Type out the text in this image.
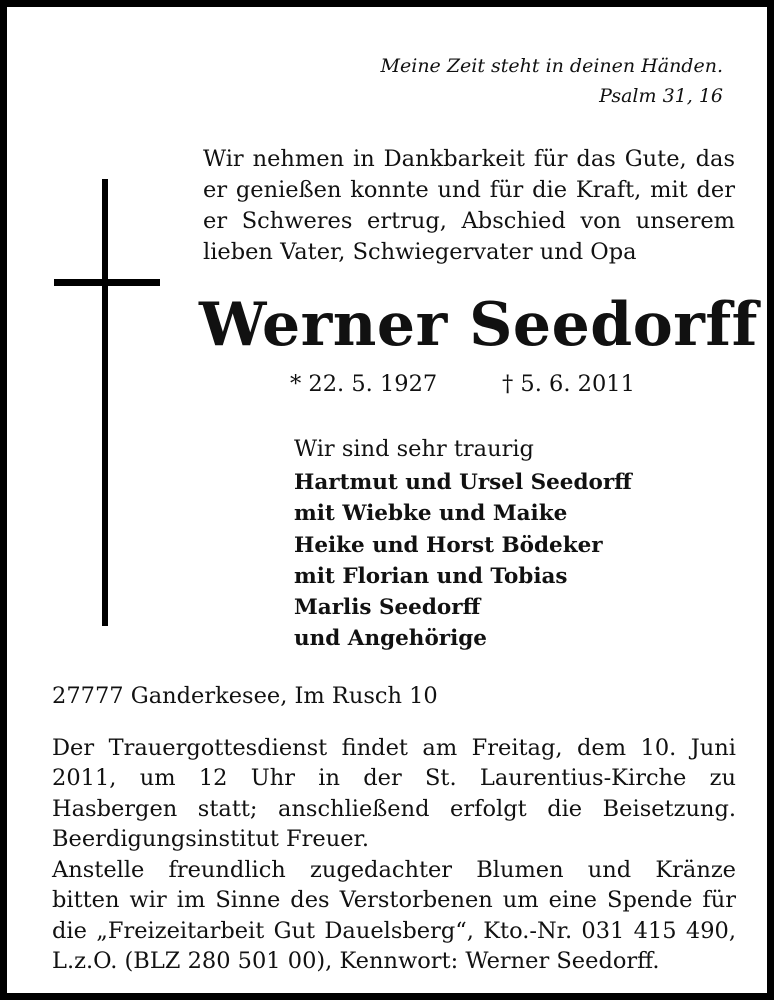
Meine Zeit steht in deinen Händen.
Psalm 31, 16
Wir nehmen in Dankbarkeit für das Gute, das
er genießen konnte und für die Kraft, mit der
er Schweres ertrug, Abschied von unserem
lieben Vater, Schwiegervater und Opa
Werner Seedorff
* 22. 5. 1927	† 5. 6. 2011
Wir sind sehr traurig
Hartmut und Ursel Seedorff
mit Wiebke und Maike
Heike und Horst Bödeker
mit Florian und Tobias
Marlis Seedorff
und Angehörige
27777 Ganderkesee, Im Rusch 10
Der Trauergottesdienst findet am Freitag, dem 10. Juni
2011, um 12 Uhr in der St. Laurentius-Kirche zu
Hasbergen statt; anschließend erfolgt die Beisetzung.
Beerdigungsinstitut Freuer.
Anstelle freundlich zugedachter Blumen und Kränze
bitten wir im Sinne des Verstorbenen um eine Spende für
die „Freizeitarbeit Gut Dauelsberg“, Kto.-Nr. 031 415 490,
L.z.O. (BLZ 280 501 00), Kennwort: Werner Seedorff.
